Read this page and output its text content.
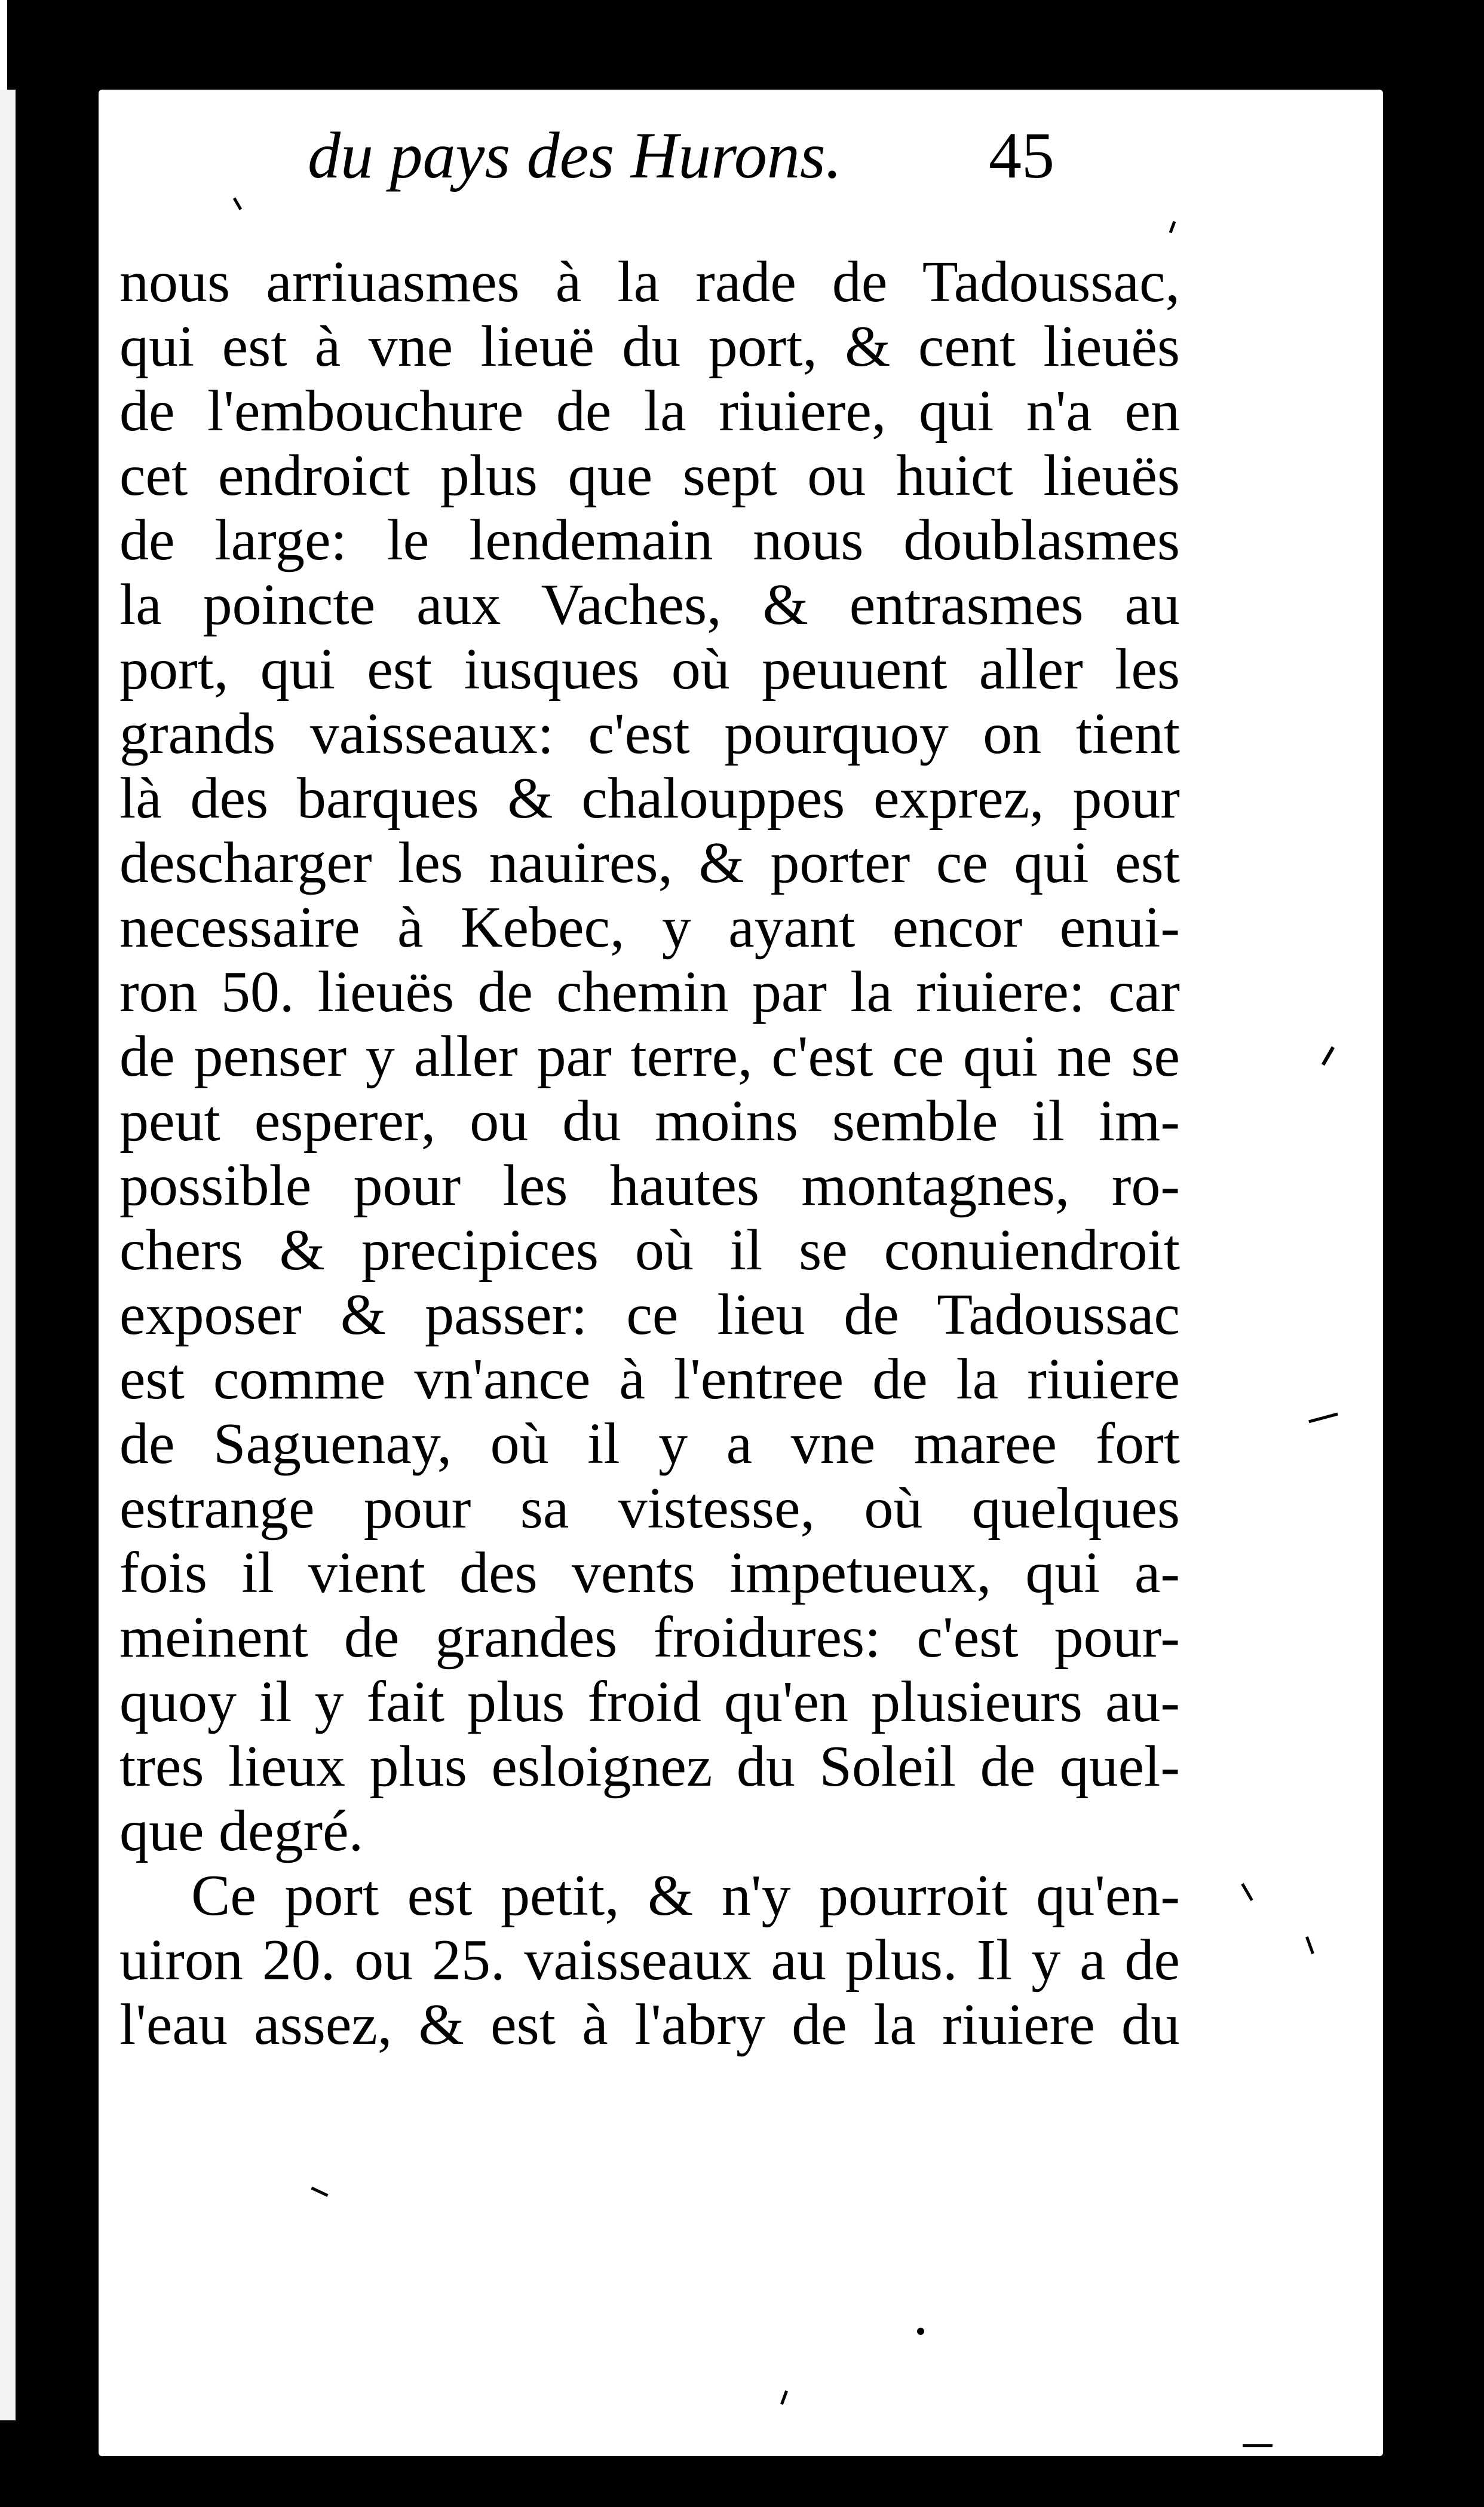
du pays des Hurons. 45
nous arriuasmes à la rade de Tadoussac,
qui est à vne lieuë du port, & cent lieuës
de l'embouchure de la riuiere, qui n'a en
cet endroict plus que sept ou huict lieuës
de large: le lendemain nous doublasmes
la poincte aux Vaches, & entrasmes au
port, qui est iusques où peuuent aller les
grands vaisseaux: c'est pourquoy on tient
là des barques & chalouppes exprez, pour
descharger les nauires, & porter ce qui est
necessaire à Kebec, y ayant encor enui-
ron 50. lieuës de chemin par la riuiere: car
de penser y aller par terre, c'est ce qui ne se
peut esperer, ou du moins semble il im-
possible pour les hautes montagnes, ro-
chers & precipices où il se conuiendroit
exposer & passer: ce lieu de Tadoussac
est comme vn'ance à l'entree de la riuiere
de Saguenay, où il y a vne maree fort
estrange pour sa vistesse, où quelques
fois il vient des vents impetueux, qui a-
meinent de grandes froidures: c'est pour-
quoy il y fait plus froid qu'en plusieurs au-
tres lieux plus esloignez du Soleil de quel-
que degré.
Ce port est petit, & n'y pourroit qu'en-
uiron 20. ou 25. vaisseaux au plus. Il y a de
l'eau assez, & est à l'abry de la riuiere du
